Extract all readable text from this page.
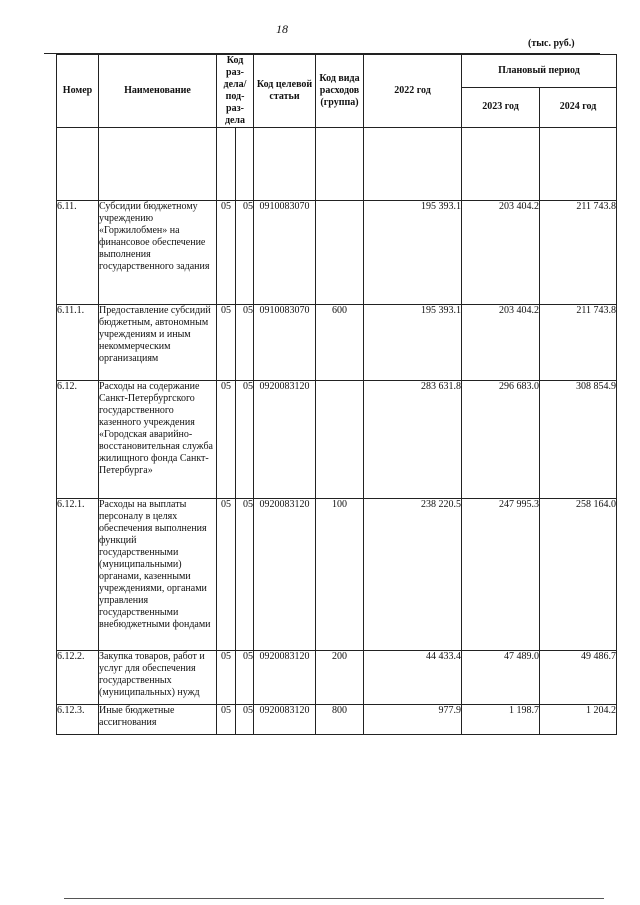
18
(тыс. руб.)
Номер	Наименование	Код раз-дела/ под-раз-дела		Код целевой статьи	Код вида расходов (группа)	2022 год	Плановый период	
							2023 год	2024 год

6.11.	Субсидии бюджетному учреждению «Горжилобмен» на финансовое обеспечение выполнения государственного задания	05	05	0910083070		195 393.1	203 404.2	211 743.8
6.11.1.	Предоставление субсидий бюджетным, автономным учреждениям и иным некоммерческим организациям	05	05	0910083070	600	195 393.1	203 404.2	211 743.8
6.12.	Расходы на содержание Санкт-Петербургского государственного казенного учреждения «Городская аварийно-восстановительная служба жилищного фонда Санкт-Петербурга»	05	05	0920083120		283 631.8	296 683.0	308 854.9
6.12.1.	Расходы на выплаты персоналу в целях обеспечения выполнения функций государственными (муниципальными) органами, казенными учреждениями, органами управления государственными внебюджетными фондами	05	05	0920083120	100	238 220.5	247 995.3	258 164.0
6.12.2.	Закупка товаров, работ и услуг для обеспечения государственных (муниципальных) нужд	05	05	0920083120	200	44 433.4	47 489.0	49 486.7
6.12.3.	Иные бюджетные ассигнования	05	05	0920083120	800	977.9	1 198.7	1 204.2
